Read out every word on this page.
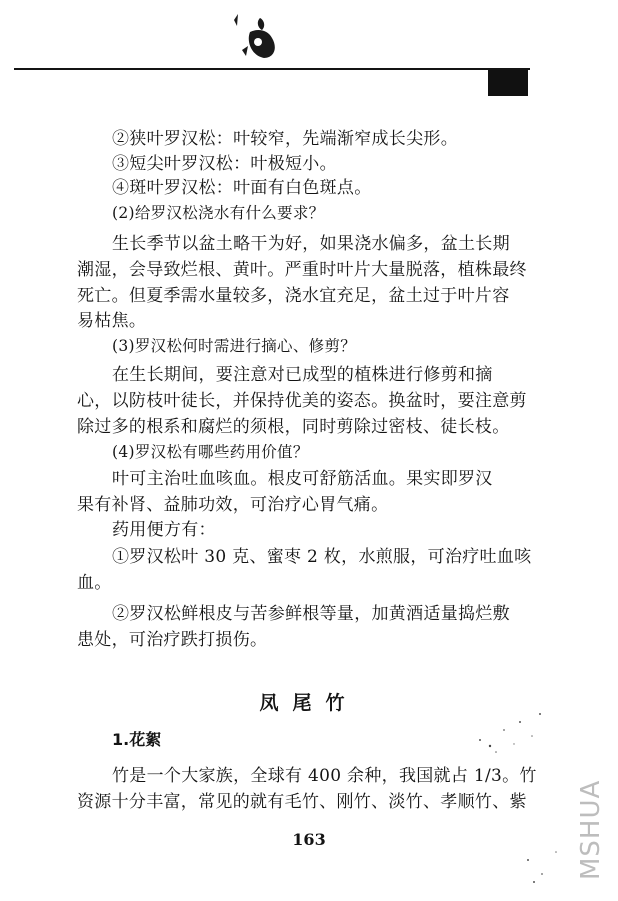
②狭叶罗汉松：叶较窄，先端渐窄成长尖形。
③短尖叶罗汉松：叶极短小。
④斑叶罗汉松：叶面有白色斑点。
(2)给罗汉松浇水有什么要求？
生长季节以盆土略干为好，如果浇水偏多，盆土长期
潮湿，会导致烂根、黄叶。严重时叶片大量脱落，植株最终
死亡。但夏季需水量较多，浇水宜充足，盆土过于叶片容
易枯焦。
(3)罗汉松何时需进行摘心、修剪？
在生长期间，要注意对已成型的植株进行修剪和摘
心，以防枝叶徒长，并保持优美的姿态。换盆时，要注意剪
除过多的根系和腐烂的须根，同时剪除过密枝、徒长枝。
(4)罗汉松有哪些药用价值？
叶可主治吐血咳血。根皮可舒筋活血。果实即罗汉
果有补肾、益肺功效，可治疗心胃气痛。
药用便方有：
①罗汉松叶 30 克、蜜枣 2 枚，水煎服，可治疗吐血咳
血。
②罗汉松鲜根皮与苦参鲜根等量，加黄酒适量捣烂敷
患处，可治疗跌打损伤。
凤尾竹
1.花絮
竹是一个大家族，全球有 400 余种，我国就占 1/3。竹
资源十分丰富，常见的就有毛竹、刚竹、淡竹、孝顺竹、紫
163	MSHUA
